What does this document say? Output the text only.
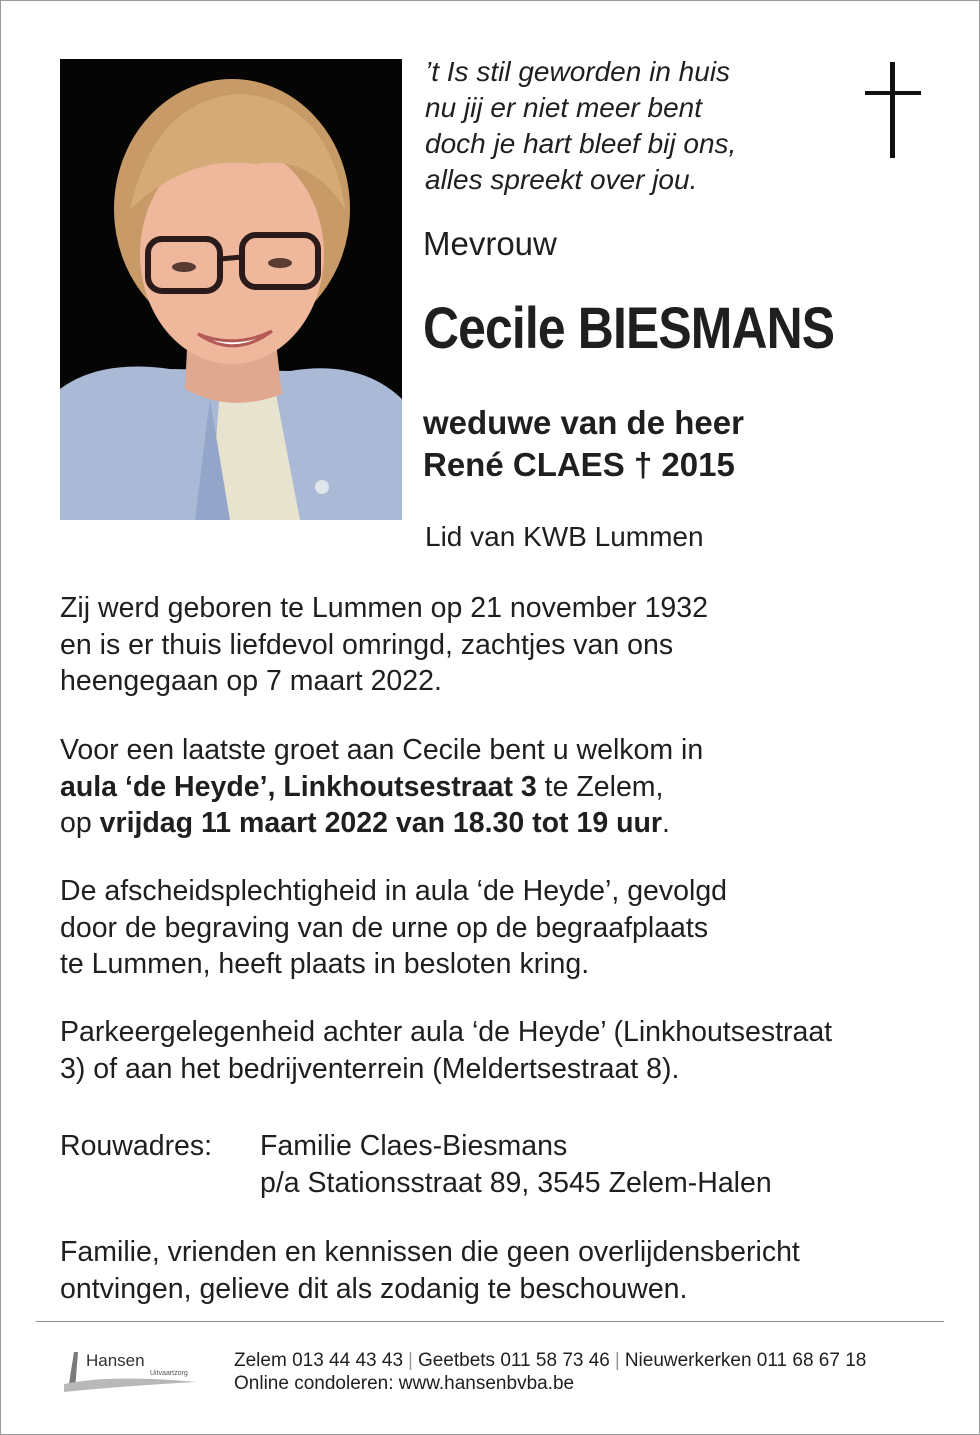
’t Is stil geworden in huis
nu jij er niet meer bent
doch je hart bleef bij ons,
alles spreekt over jou.
Mevrouw
Cecile BIESMANS
weduwe van de heer
René CLAES † 2015
Lid van KWB Lummen
Zij werd geboren te Lummen op 21 november 1932
en is er thuis liefdevol omringd, zachtjes van ons
heengegaan op 7 maart 2022.
Voor een laatste groet aan Cecile bent u welkom in
aula ‘de Heyde’, Linkhoutsestraat 3 te Zelem,
op vrijdag 11 maart 2022 van 18.30 tot 19 uur.
De afscheidsplechtigheid in aula ‘de Heyde’, gevolgd
door de begraving van de urne op de begraafplaats
te Lummen, heeft plaats in besloten kring.
Parkeergelegenheid achter aula ‘de Heyde’ (Linkhoutsestraat
3) of aan het bedrijventerrein (Meldertsestraat 8).
Rouwadres: Familie Claes-Biesmans
p/a Stationsstraat 89, 3545 Zelem-Halen
Familie, vrienden en kennissen die geen overlijdensbericht
ontvingen, gelieve dit als zodanig te beschouwen.
Hansen
Uitvaartzorg
Zelem 013 44 43 43 | Geetbets 011 58 73 46 | Nieuwerkerken 011 68 67 18
Online condoleren: www.hansenbvba.be
